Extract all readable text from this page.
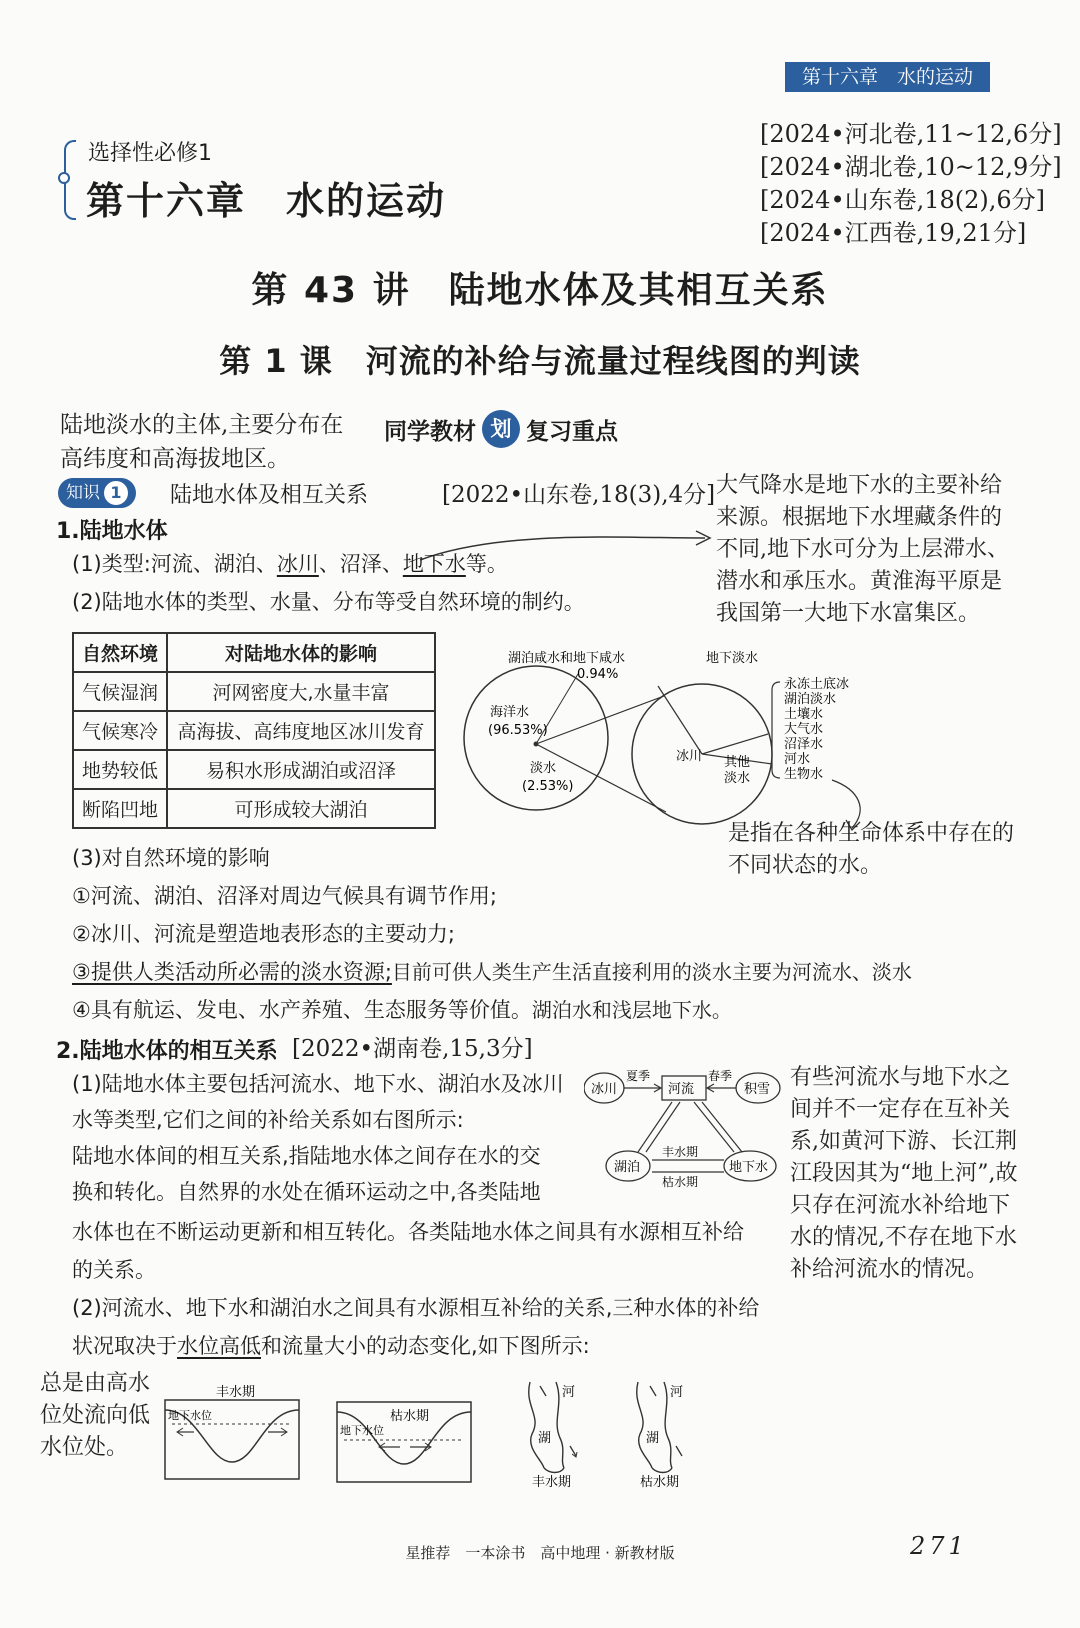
第十六章　水的运动
选择性必修1
第十六章　水的运动
[2024•河北卷,11~12,6分]
[2024•湖北卷,10~12,9分]
[2024•山东卷,18(2),6分]
[2024•江西卷,19,21分]
第 43 讲　陆地水体及其相互关系
第 1 课　河流的补给与流量过程线图的判读
陆地淡水的主体,主要分布在高纬度和高海拔地区。
同学教材 划 复习重点
知识 1 陆地水体及相互关系	[2022•山东卷,18(3),4分] 大气降水是地下水的主要补给来源。根据地下水埋藏条件的不同,地下水可分为上层滞水、潜水和承压水。黄淮海平原是我国第一大地下水富集区。
1.陆地水体
(1)类型:河流、湖泊、冰川、沼泽、地下水等。
(2)陆地水体的类型、水量、分布等受自然环境的制约。
自然环境	对陆地水体的影响
气候湿润	河网密度大,水量丰富
气候寒冷	高海拔、高纬度地区冰川发育
地势较低	易积水形成湖泊或沼泽
断陷凹地	可形成较大湖泊
湖泊咸水和地下咸水
0.94%
海洋水
(96.53%)
淡水
(2.53%)
地下淡水
冰川 其他
淡水
永冻土底冰
湖泊淡水
土壤水
大气水
沼泽水
河水
生物水
是指在各种生命体系中存在的不同状态的水。
(3)对自然环境的影响
①河流、湖泊、沼泽对周边气候具有调节作用;
②冰川、河流是塑造地表形态的主要动力;
③提供人类活动所必需的淡水资源;目前可供人类生产生活直接利用的淡水主要为河流水、淡水
④具有航运、发电、水产养殖、生态服务等价值。湖泊水和浅层地下水。
2.陆地水体的相互关系 [2022•湖南卷,15,3分]
(1)陆地水体主要包括河流水、地下水、湖泊水及冰川
水等类型,它们之间的补给关系如右图所示:
陆地水体间的相互关系,指陆地水体之间存在水的交
换和转化。自然界的水处在循环运动之中,各类陆地
水体也在不断运动更新和相互转化。各类陆地水体之间具有水源相互补给
的关系。
(2)河流水、地下水和湖泊水之间具有水源相互补给的关系,三种水体的补给
状况取决于水位高低和流量大小的动态变化,如下图所示:
冰川	河流	积雪
湖泊	地下水
夏季	春季
丰水期
枯水期
有些河流水与地下水之间并不一定存在互补关系,如黄河下游、长江荆江段因其为“地上河”,故只存在河流水补给地下水的情况,不存在地下水补给河流水的情况。
总是由高水位处流向低水位处。
丰水期
地下水位	枯水期
地下水位
河
湖
丰水期
河
湖
枯水期
星推荐　一本涂书　高中地理 · 新教材版	271
